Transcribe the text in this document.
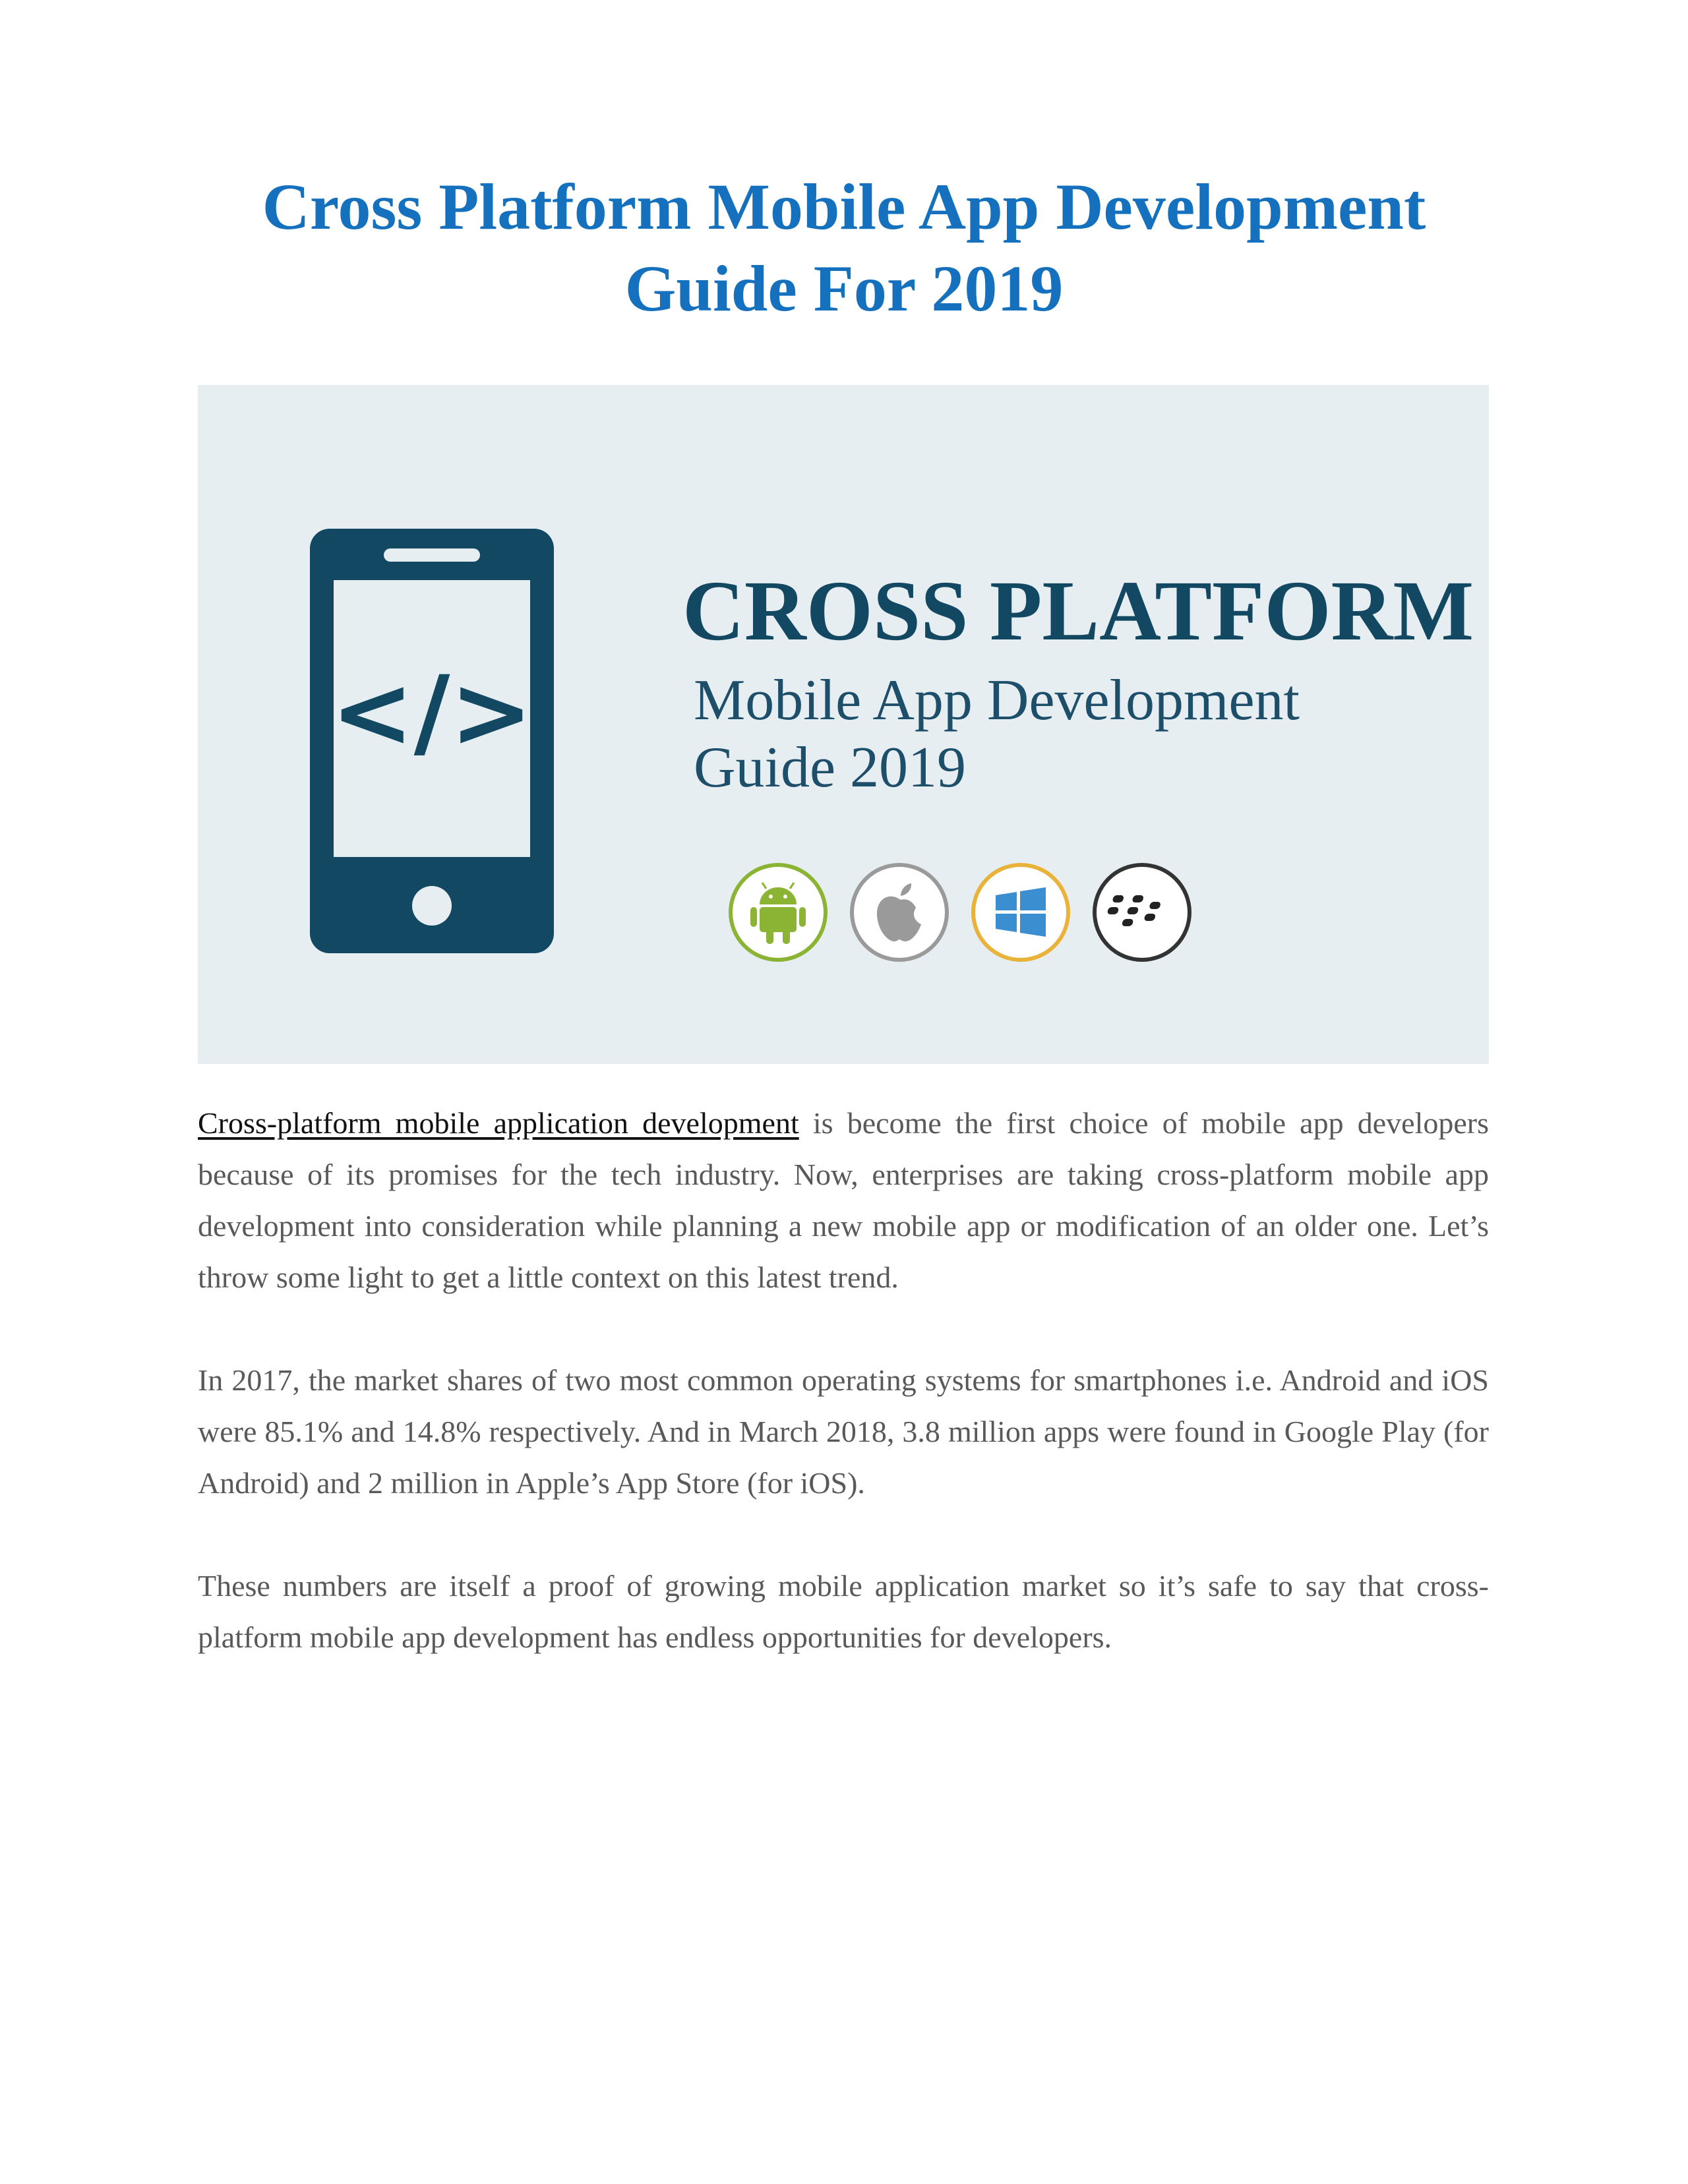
Cross Platform Mobile App Development
Guide For 2019
</>
CROSS PLATFORM
Mobile App Development
Guide 2019

Cross-platform mobile application development is become the first choice of mobile app developers because of its promises for the tech industry. Now, enterprises are taking cross-platform mobile app development into consideration while planning a new mobile app or modification of an older one. Let’s throw some light to get a little context on this latest trend.

In 2017, the market shares of two most common operating systems for smartphones i.e. Android and iOS were 85.1% and 14.8% respectively. And in March 2018, 3.8 million apps were found in Google Play (for Android) and 2 million in Apple’s App Store (for iOS).

These numbers are itself a proof of growing mobile application market so it’s safe to say that cross-platform mobile app development has endless opportunities for developers.
